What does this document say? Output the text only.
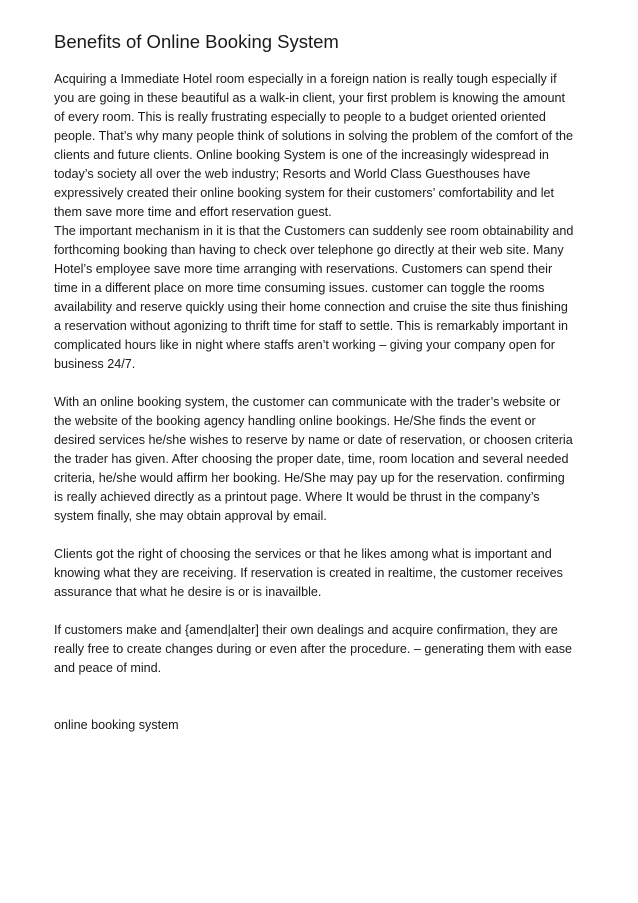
Benefits of Online Booking System

Acquiring a Immediate Hotel room especially in a foreign nation is really tough especially if
you are going in these beautiful as a walk-in client, your first problem is knowing the amount
of every room. This is really frustrating especially to people to a budget oriented oriented
people. That’s why many people think of solutions in solving the problem of the comfort of the
clients and future clients. Online booking System is one of the increasingly widespread in
today’s society all over the web industry; Resorts and World Class Guesthouses have
expressively created their online booking system for their customers’ comfortability and let
them save more time and effort reservation guest.
The important mechanism in it is that the Customers can suddenly see room obtainability and
forthcoming booking than having to check over telephone go directly at their web site. Many
Hotel’s employee save more time arranging with reservations. Customers can spend their
time in a different place on more time consuming issues. customer can toggle the rooms
availability and reserve quickly using their home connection and cruise the site thus finishing
a reservation without agonizing to thrift time for staff to settle. This is remarkably important in
complicated hours like in night where staffs aren’t working – giving your company open for
business 24/7.

With an online booking system, the customer can communicate with the trader’s website or
the website of the booking agency handling online bookings. He/She finds the event or
desired services he/she wishes to reserve by name or date of reservation, or choosen criteria
the trader has given. After choosing the proper date, time, room location and several needed
criteria, he/she would affirm her booking. He/She may pay up for the reservation. confirming
is really achieved directly as a printout page. Where It would be thrust in the company’s
system finally, she may obtain approval by email.

Clients got the right of choosing the services or that he likes among what is important and
knowing what they are receiving. If reservation is created in realtime, the customer receives
assurance that what he desire is or is inavailble.

If customers make and {amend|alter] their own dealings and acquire confirmation, they are
really free to create changes during or even after the procedure. – generating them with ease
and peace of mind.

online booking system
